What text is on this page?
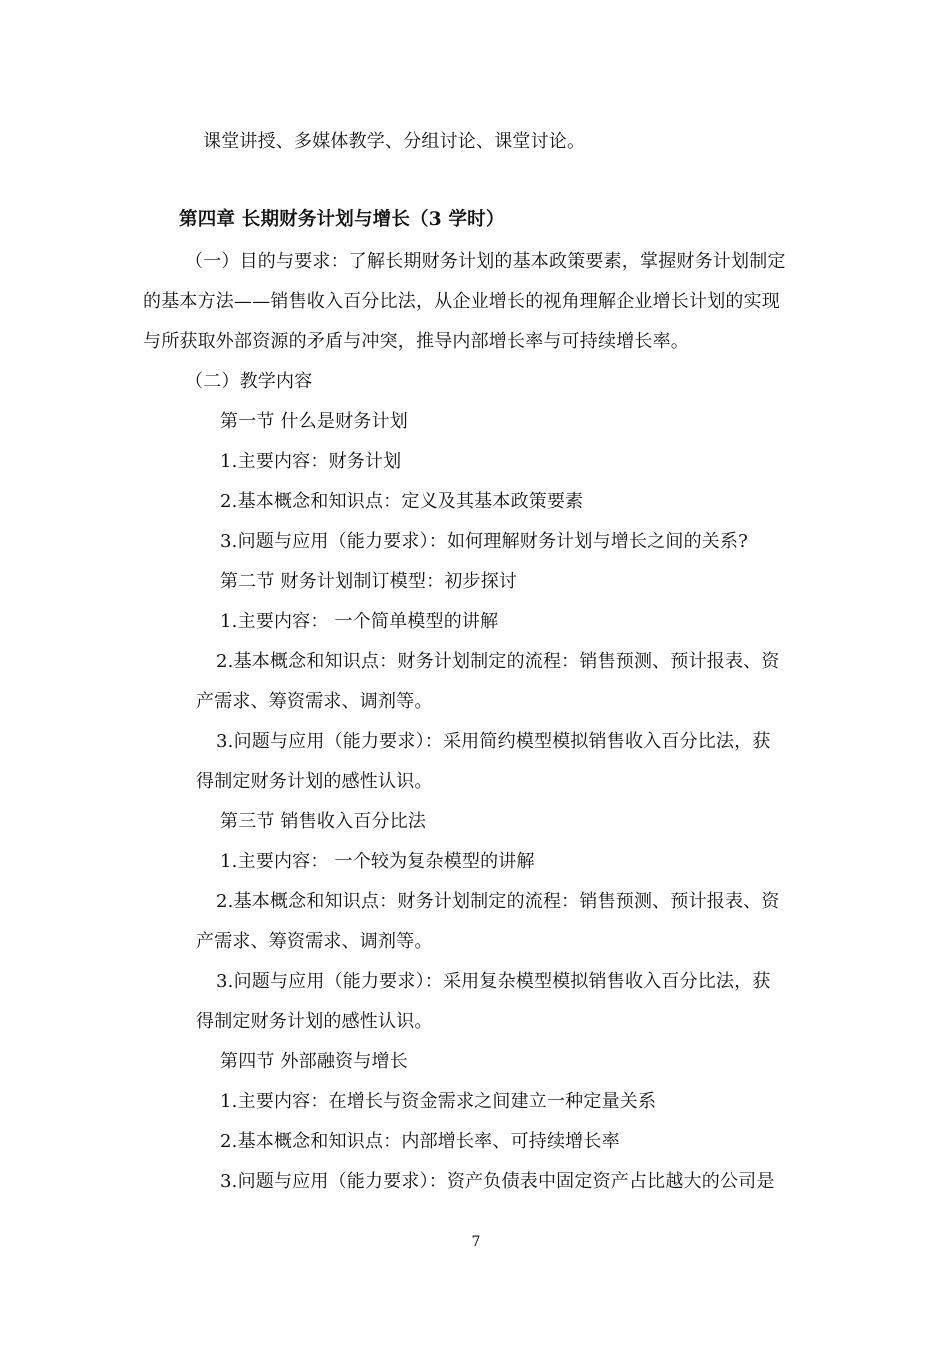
课堂讲授、多媒体教学、分组讨论、课堂讨论。
第四章 长期财务计划与增长（3 学时）
（一）目的与要求：了解长期财务计划的基本政策要素，掌握财务计划制定
的基本方法——销售收入百分比法，从企业增长的视角理解企业增长计划的实现
与所获取外部资源的矛盾与冲突，推导内部增长率与可持续增长率。
（二）教学内容
第一节 什么是财务计划
1.主要内容：财务计划
2.基本概念和知识点：定义及其基本政策要素
3.问题与应用（能力要求）：如何理解财务计划与增长之间的关系?
第二节 财务计划制订模型：初步探讨
1.主要内容： 一个简单模型的讲解
2.基本概念和知识点：财务计划制定的流程：销售预测、预计报表、资
产需求、筹资需求、调剂等。
3.问题与应用（能力要求）：采用简约模型模拟销售收入百分比法，获
得制定财务计划的感性认识。
第三节 销售收入百分比法
1.主要内容： 一个较为复杂模型的讲解
2.基本概念和知识点：财务计划制定的流程：销售预测、预计报表、资
产需求、筹资需求、调剂等。
3.问题与应用（能力要求）：采用复杂模型模拟销售收入百分比法，获
得制定财务计划的感性认识。
第四节 外部融资与增长
1.主要内容：在增长与资金需求之间建立一种定量关系
2.基本概念和知识点：内部增长率、可持续增长率
3.问题与应用（能力要求）：资产负债表中固定资产占比越大的公司是
7
